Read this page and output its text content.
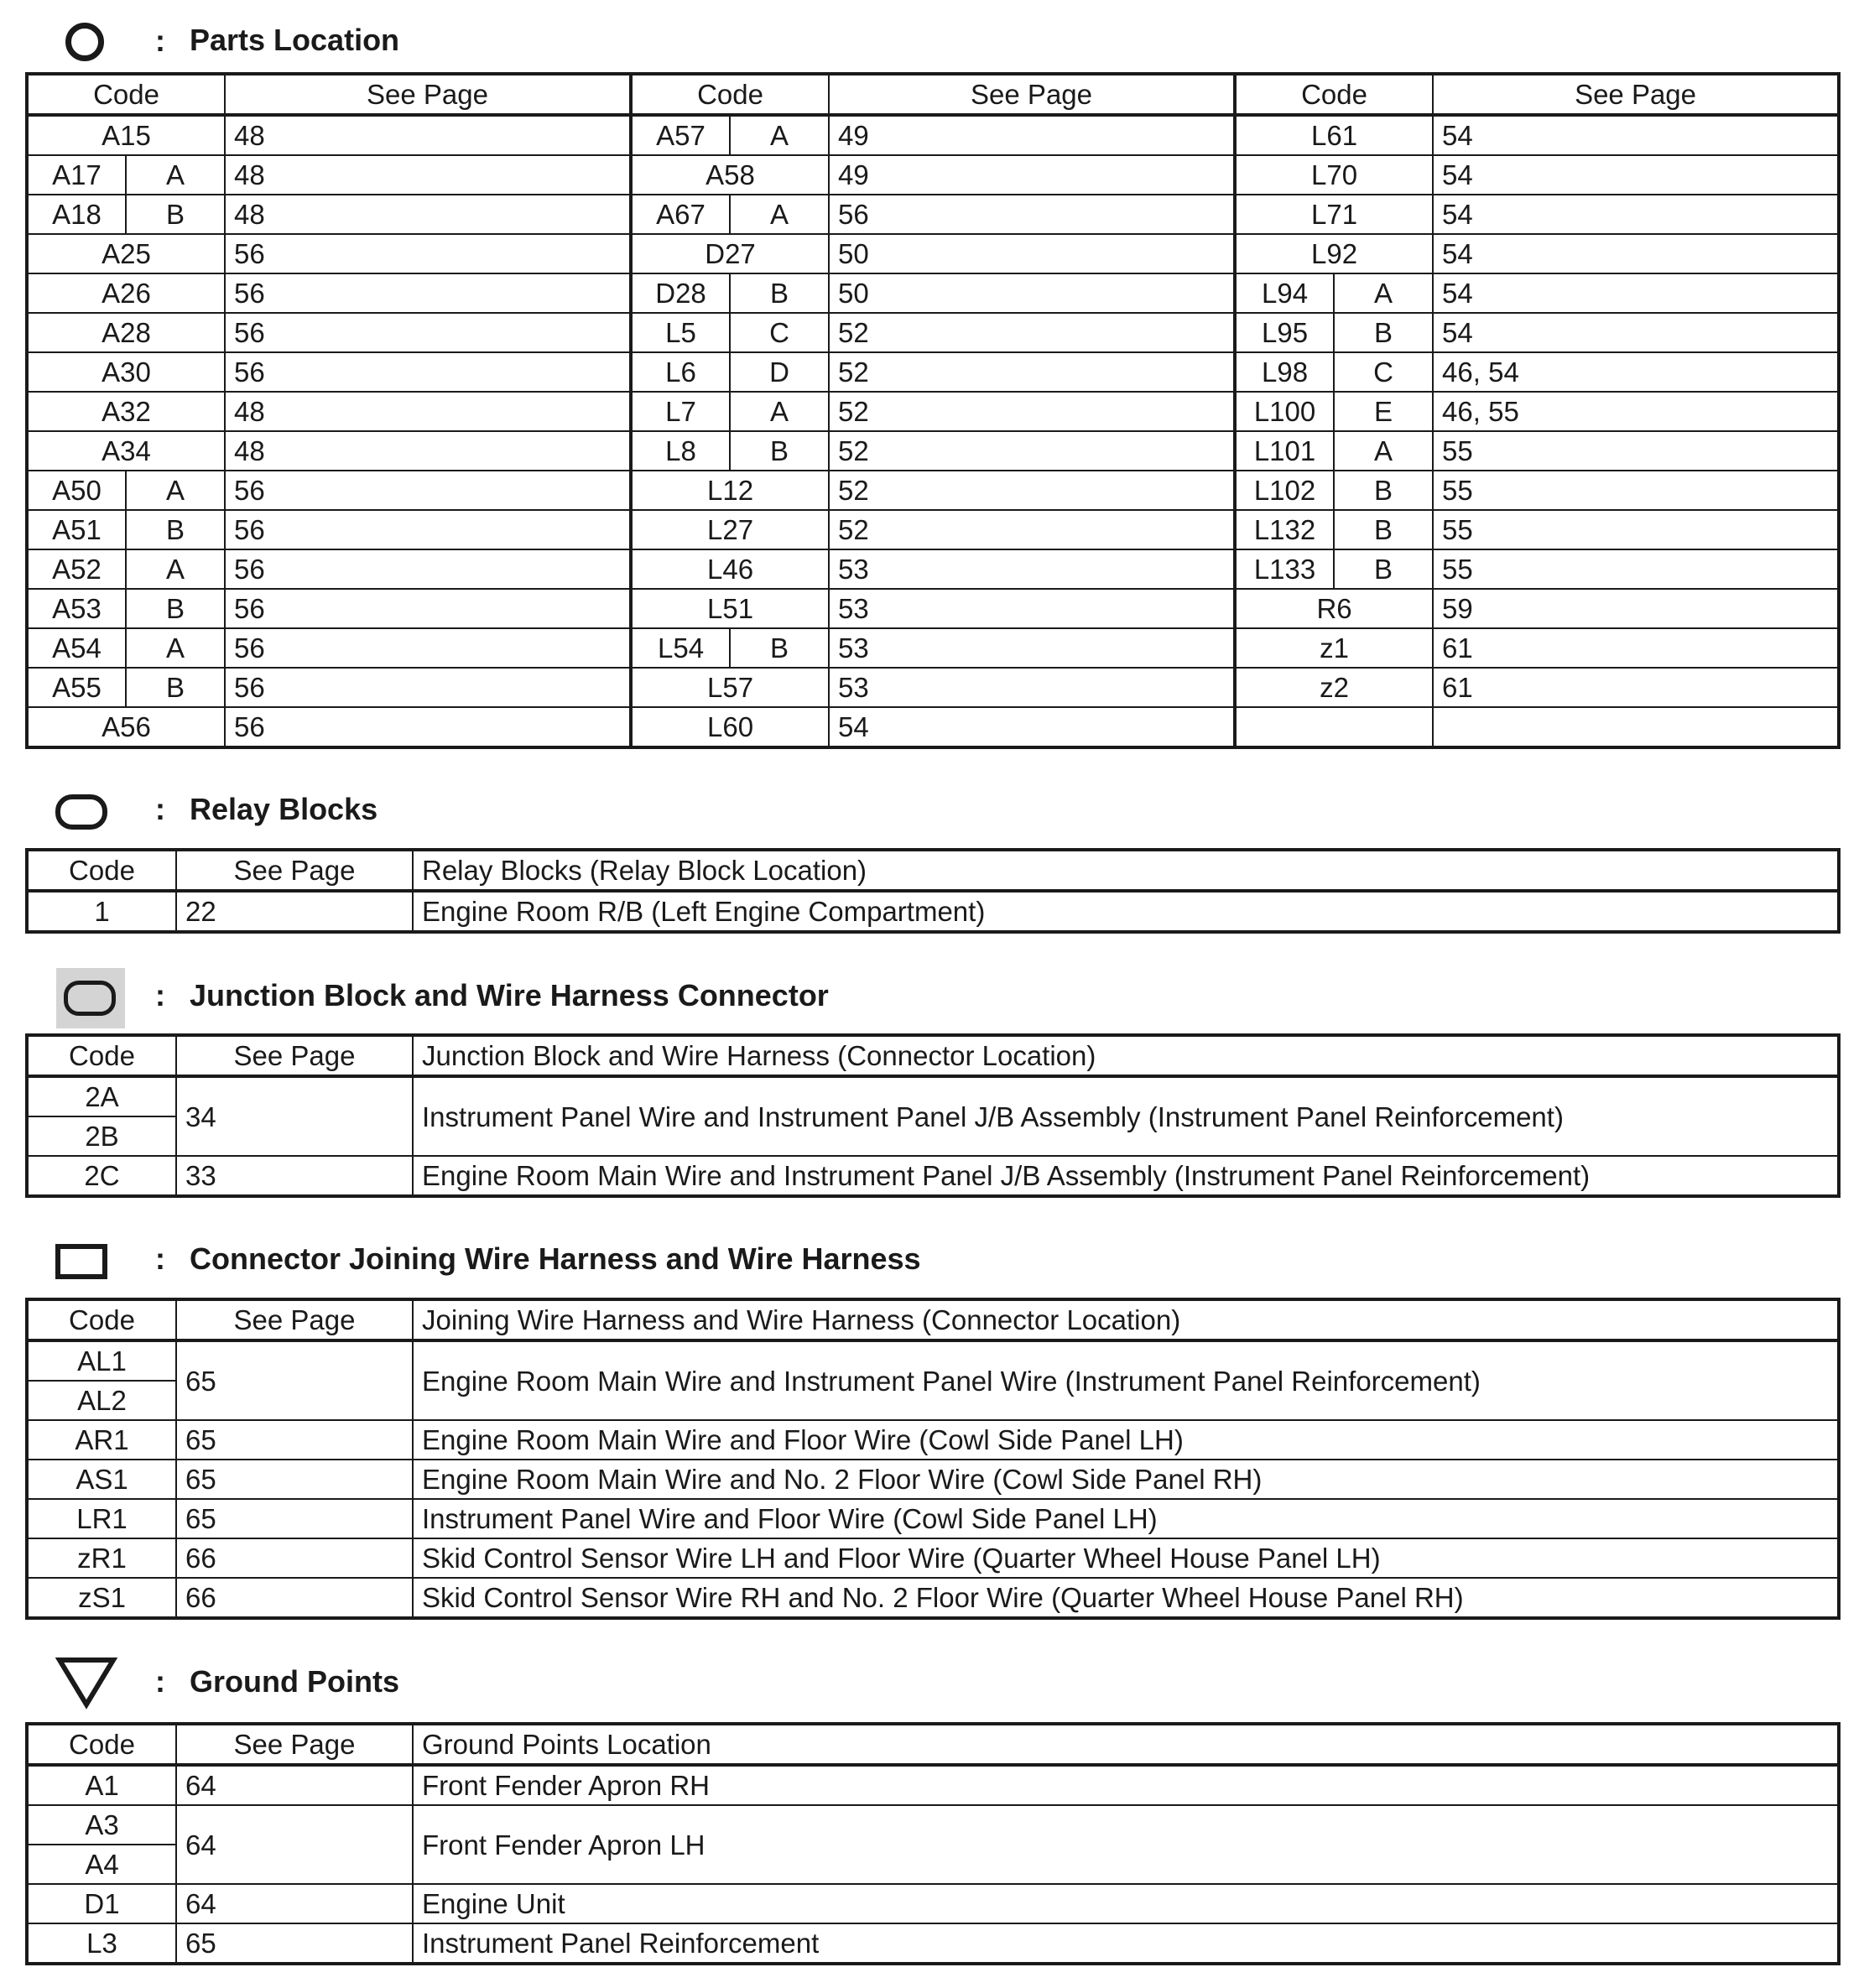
: Parts Location
Code		See Page	Code		See Page	Code		See Page
A15		48	A57	A	49	L61		54
A17	A	48	A58		49	L70		54
A18	B	48	A67	A	56	L71		54
A25		56	D27		50	L92		54
A26		56	D28	B	50	L94	A	54
A28		56	L5	C	52	L95	B	54
A30		56	L6	D	52	L98	C	46, 54
A32		48	L7	A	52	L100	E	46, 55
A34		48	L8	B	52	L101	A	55
A50	A	56	L12		52	L102	B	55
A51	B	56	L27		52	L132	B	55
A52	A	56	L46		53	L133	B	55
A53	B	56	L51		53	R6		59
A54	A	56	L54	B	53	z1		61
A55	B	56	L57		53	z2		61
A56		56	L60		54			
: Relay Blocks
Code	See Page	Relay Blocks (Relay Block Location)
1	22	Engine Room R/B (Left Engine Compartment)
: Junction Block and Wire Harness Connector
Code	See Page	Junction Block and Wire Harness (Connector Location)
2A	34	Instrument Panel Wire and Instrument Panel J/B Assembly (Instrument Panel Reinforcement)
2B		
2C	33	Engine Room Main Wire and Instrument Panel J/B Assembly (Instrument Panel Reinforcement)
: Connector Joining Wire Harness and Wire Harness
Code	See Page	Joining Wire Harness and Wire Harness (Connector Location)
AL1	65	Engine Room Main Wire and Instrument Panel Wire (Instrument Panel Reinforcement)
AL2		
AR1	65	Engine Room Main Wire and Floor Wire (Cowl Side Panel LH)
AS1	65	Engine Room Main Wire and No. 2 Floor Wire (Cowl Side Panel RH)
LR1	65	Instrument Panel Wire and Floor Wire (Cowl Side Panel LH)
zR1	66	Skid Control Sensor Wire LH and Floor Wire (Quarter Wheel House Panel LH)
zS1	66	Skid Control Sensor Wire RH and No. 2 Floor Wire (Quarter Wheel House Panel RH)
: Ground Points
Code	See Page	Ground Points Location
A1	64	Front Fender Apron RH
A3	64	Front Fender Apron LH
A4		
D1	64	Engine Unit
L3	65	Instrument Panel Reinforcement
